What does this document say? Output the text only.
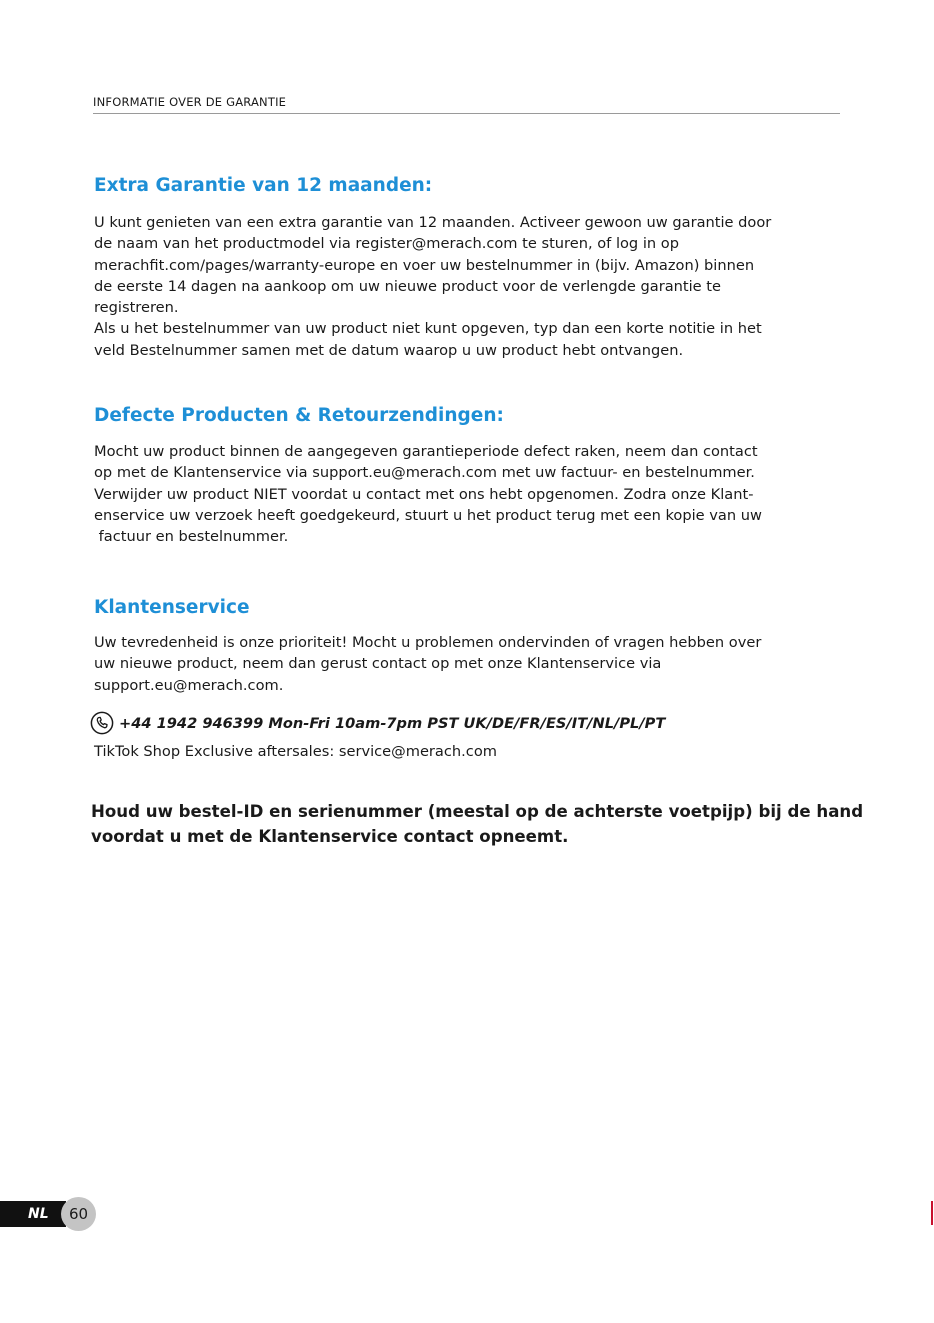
INFORMATIE OVER DE GARANTIE
Extra Garantie van 12 maanden:

U kunt genieten van een extra garantie van 12 maanden. Activeer gewoon uw garantie door

de naam van het productmodel via register@merach.com te sturen, of log in op

merachfit.com/pages/warranty-europe en voer uw bestelnummer in (bijv. Amazon) binnen

de eerste 14 dagen na aankoop om uw nieuwe product voor de verlengde garantie te

registreren.

Als u het bestelnummer van uw product niet kunt opgeven, typ dan een korte notitie in het

veld Bestelnummer samen met de datum waarop u uw product hebt ontvangen.

Defecte Producten & Retourzendingen:

Mocht uw product binnen de aangegeven garantieperiode defect raken, neem dan contact

op met de Klantenservice via support.eu@merach.com met uw factuur- en bestelnummer.

Verwijder uw product NIET voordat u contact met ons hebt opgenomen. Zodra onze Klant-

enservice uw verzoek heeft goedgekeurd, stuurt u het product terug met een kopie van uw

factuur en bestelnummer.

Klantenservice

Uw tevredenheid is onze prioriteit! Mocht u problemen ondervinden of vragen hebben over

uw nieuwe product, neem dan gerust contact op met onze Klantenservice via

support.eu@merach.com.

+44 1942 946399 Mon-Fri 10am-7pm PST UK/DE/FR/ES/IT/NL/PL/PT

TikTok Shop Exclusive aftersales: service@merach.com

Houd uw bestel-ID en serienummer (meestal op de achterste voetpijp) bij de hand

voordat u met de Klantenservice contact opneemt.

NL 60
